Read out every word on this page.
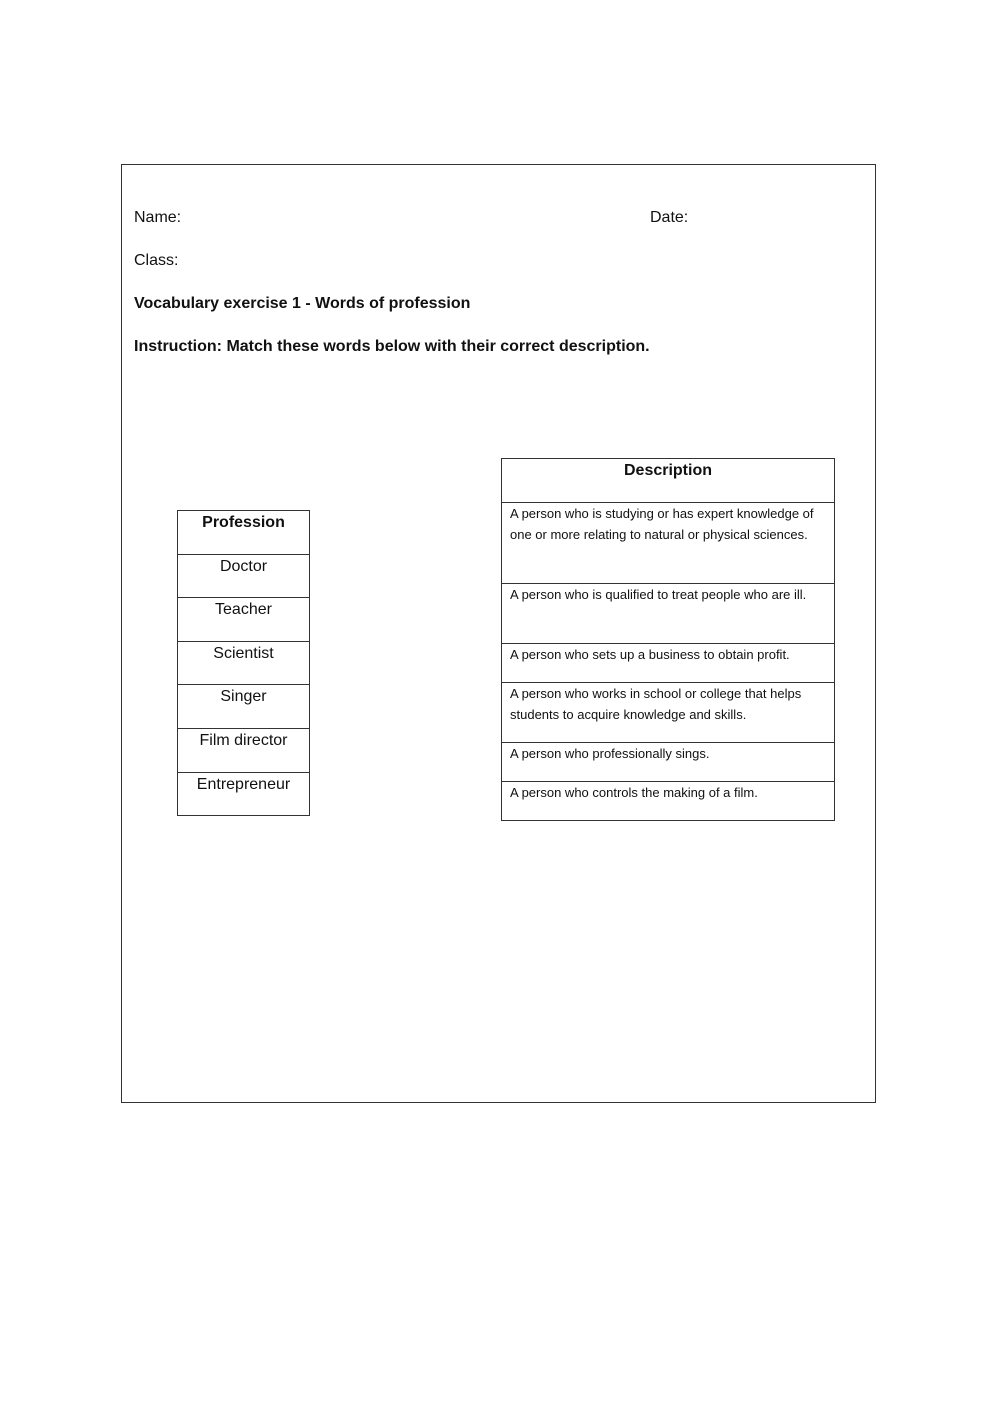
Name:	Date:
Class:
Vocabulary exercise 1 - Words of profession
Instruction: Match these words below with their correct description.
Profession
Doctor
Teacher
Scientist
Singer
Film director
Entrepreneur
Description
A person who is studying or has expert knowledge of one or more relating to natural or physical sciences.
A person who is qualified to treat people who are ill.
A person who sets up a business to obtain profit.
A person who works in school or college that helps students to acquire knowledge and skills.
A person who professionally sings.
A person who controls the making of a film.
